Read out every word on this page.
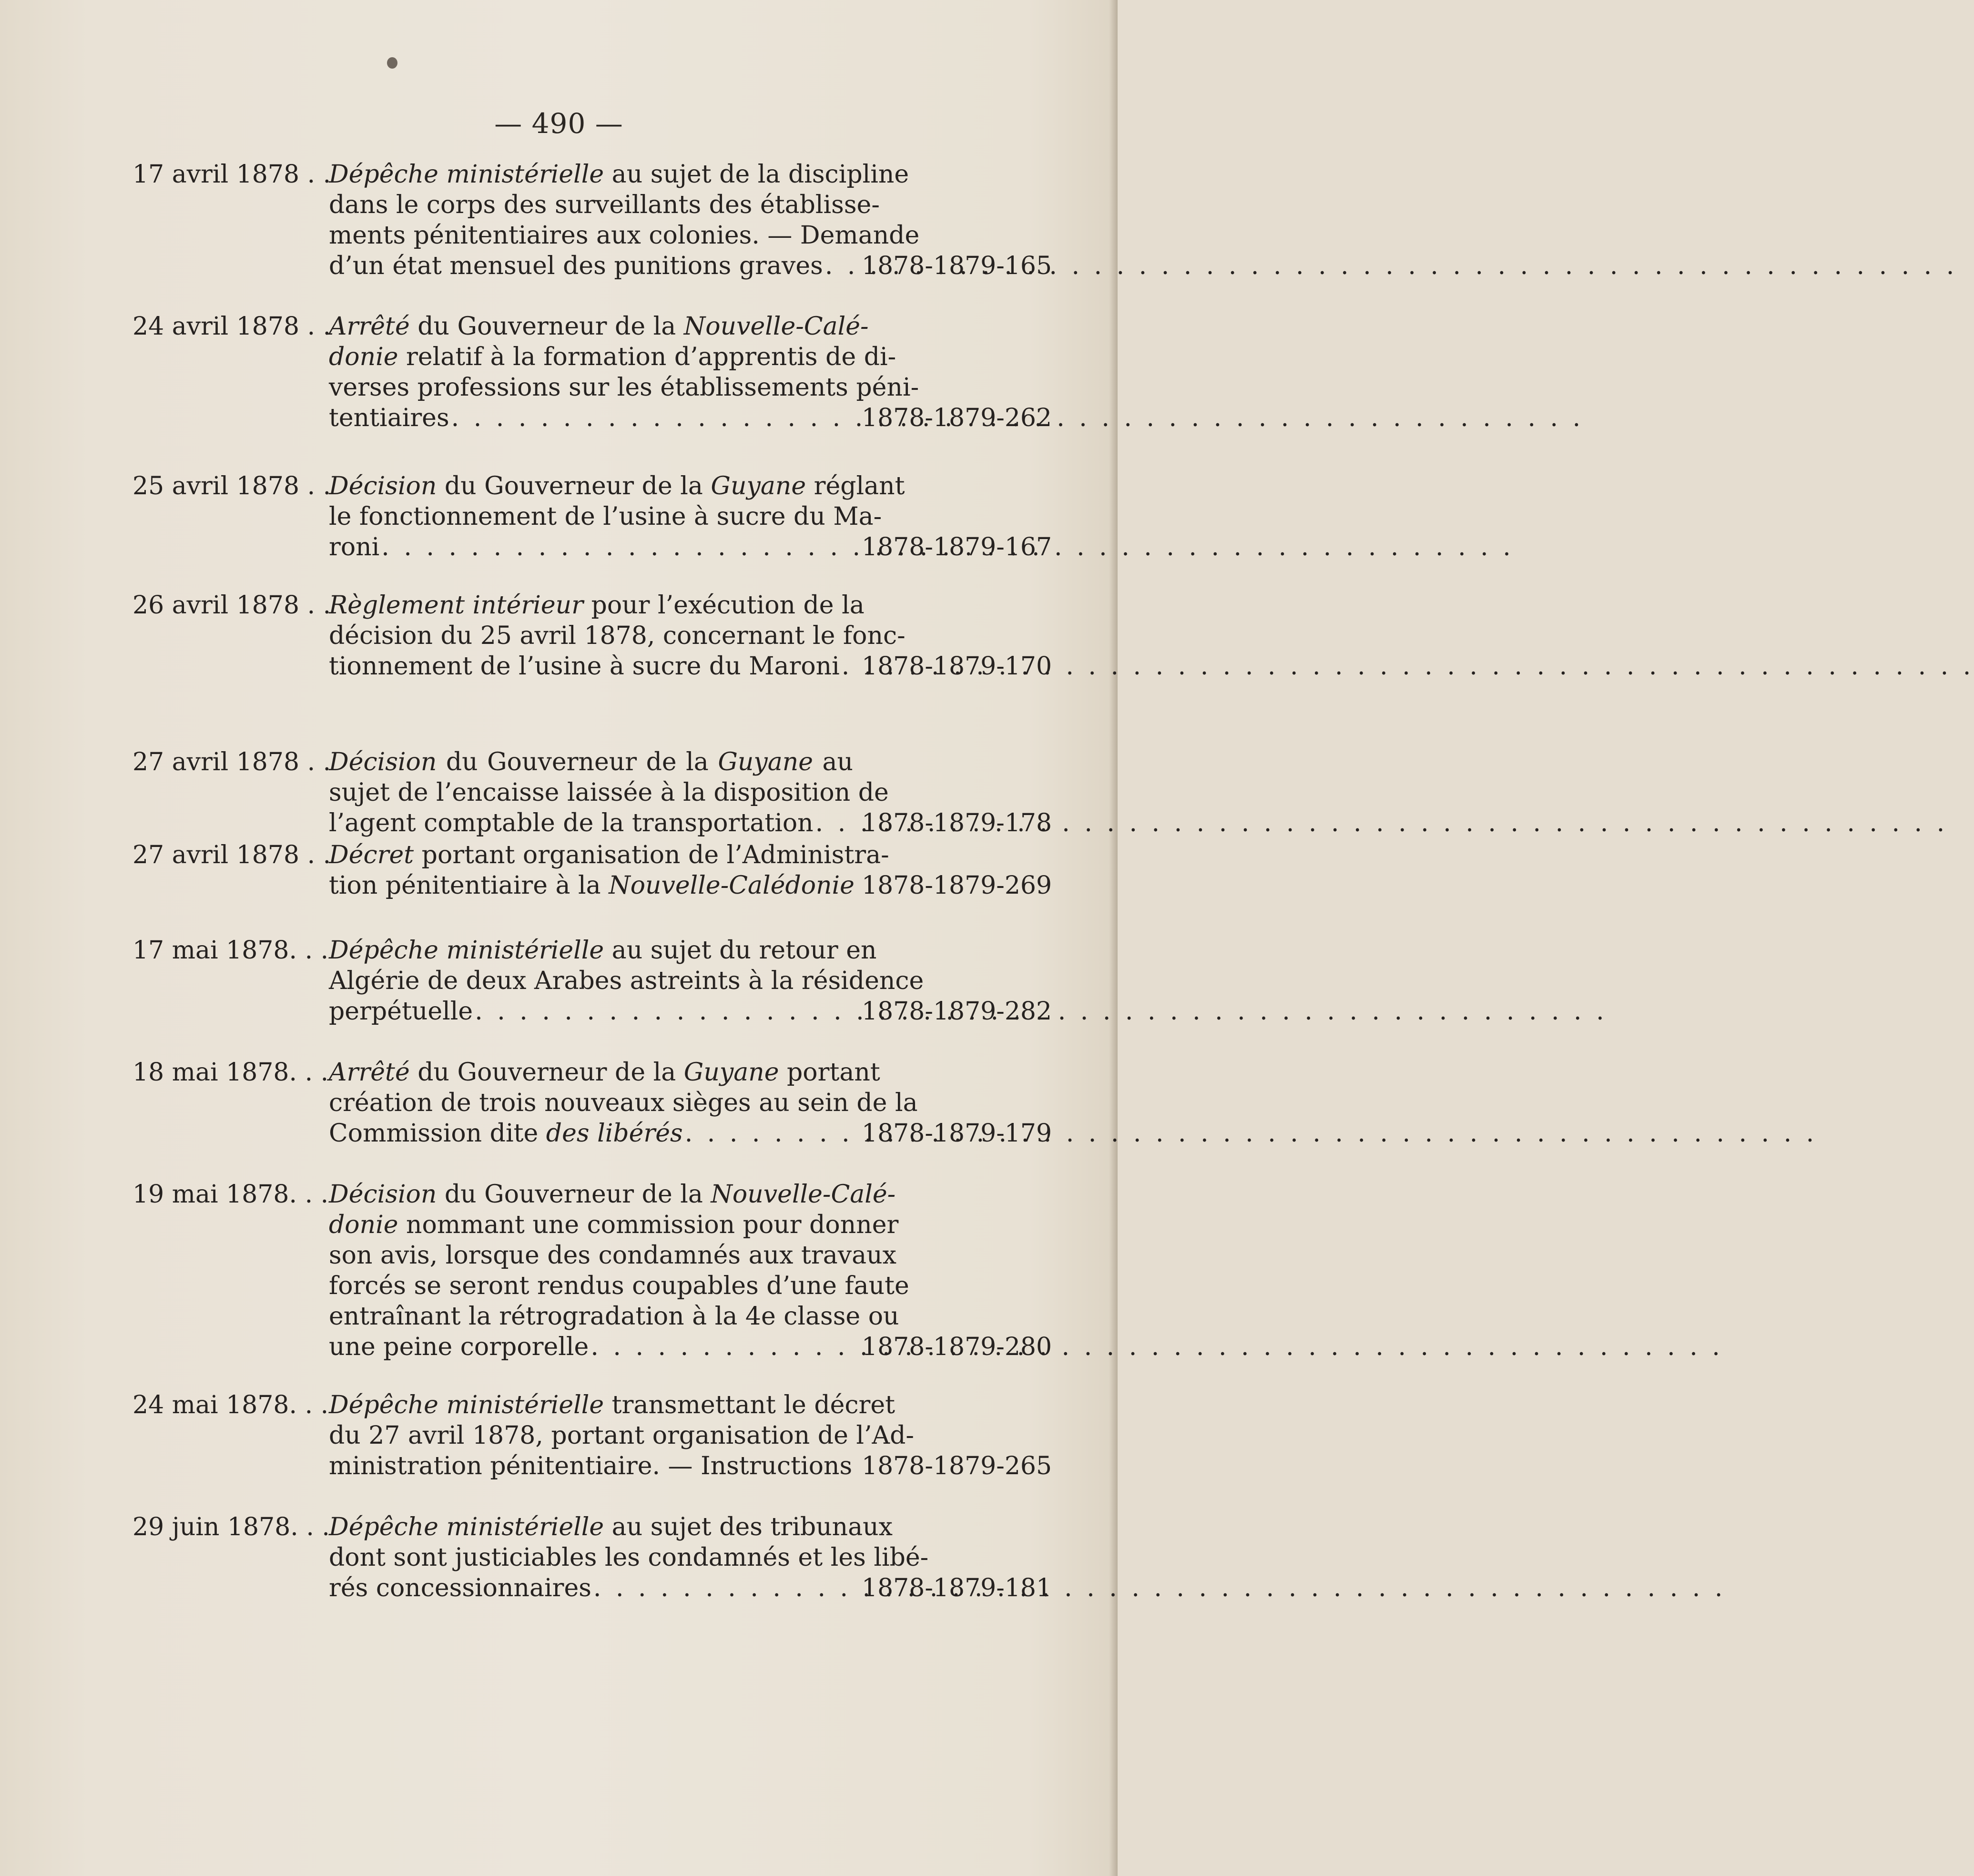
— 490 —
17 avril 1878 . .
Dépêche ministérielle au sujet de la discipline
dans le corps des surveillants des établisse-
ments pénitentiaires aux colonies. — Demande
d’un état mensuel des punitions graves . . . 1878-1879-165
24 avril 1878 . .
Arrêté du Gouverneur de la Nouvelle-Calé-
donie relatif à la formation d’apprentis de di-
verses professions sur les établissements péni-
tentiaires . . .	1878-1879-262
25 avril 1878 . .
Décision du Gouverneur de la Guyane réglant
le fonctionnement de l’usine à sucre du Ma-
roni . . .	1878-1879-167
26 avril 1878 . .
Règlement intérieur pour l’exécution de la
décision du 25 avril 1878, concernant le fonc-
tionnement de l’usine à sucre du Maroni . . . 1878-1879-170
27 avril 1878 . .
Décision du Gouverneur de la Guyane au
sujet de l’encaisse laissée à la disposition de
l’agent comptable de la transportation . . . 1878-1879-178
27 avril 1878 . .
Décret portant organisation de l’Administra-
tion pénitentiaire à la Nouvelle-Calédonie 1878-1879-269
17 mai 1878. . . Dépêche ministérielle au sujet du retour en
Algérie de deux Arabes astreints à la résidence
perpétuelle . . .	1878-1879-282
18 mai 1878. . . Arrêté du Gouverneur de la Guyane portant
création de trois nouveaux sièges au sein de la
Commission dite des libérés . . .	1878-1879-179
19 mai 1878. . . Décision du Gouverneur de la Nouvelle-Calé-
donie nommant une commission pour donner
son avis, lorsque des condamnés aux travaux
forcés se seront rendus coupables d’une faute
entraînant la rétrogradation à la 4e classe ou
une peine corporelle . . .	1878-1879-280
24 mai 1878. . . Dépêche ministérielle transmettant le décret
du 27 avril 1878, portant organisation de l’Ad-
ministration pénitentiaire. — Instructions 1878-1879-265
29 juin 1878. . .
Dépêche ministérielle au sujet des tribunaux
dont sont justiciables les condamnés et les libé-
rés concessionnaires . . .	1878-1879-181
